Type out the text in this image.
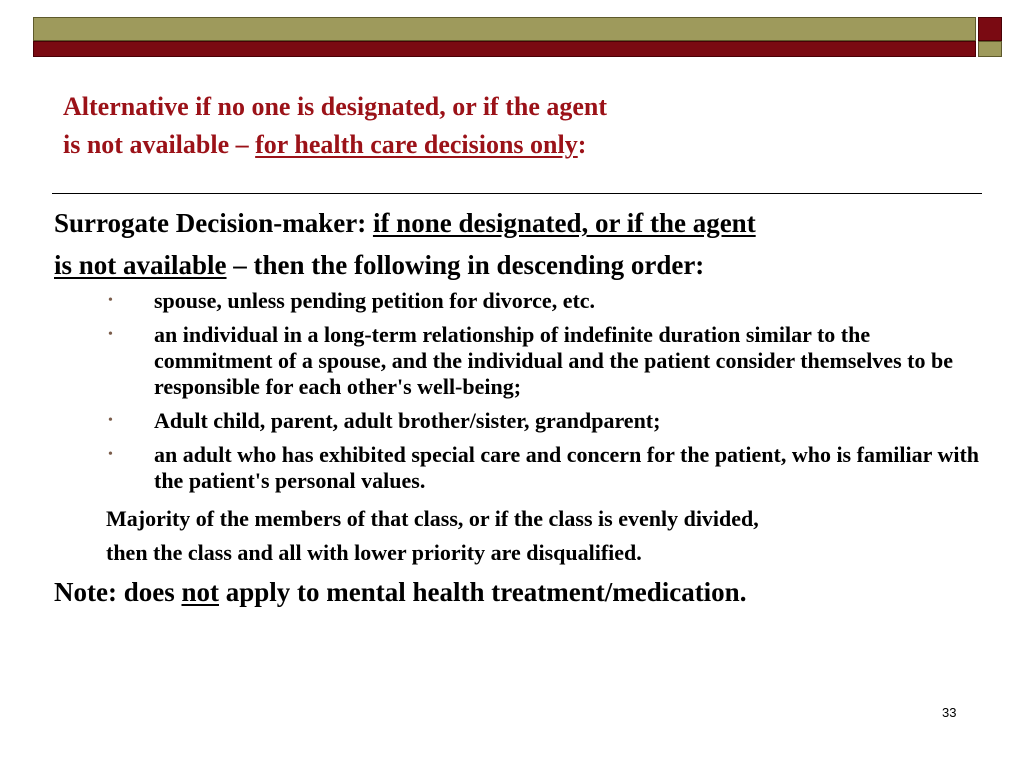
Alternative if no one is designated, or if the agent
is not available – for health care decisions only:

Surrogate Decision-maker: if none designated, or if the agent
is not available – then the following in descending order:

• spouse, unless pending petition for divorce, etc.
• an individual in a long-term relationship of indefinite duration similar to the commitment of a spouse, and the individual and the patient consider themselves to be responsible for each other's well-being;
• Adult child, parent, adult brother/sister, grandparent;
• an adult who has exhibited special care and concern for the patient, who is familiar with the patient's personal values.
Majority of the members of that class, or if the class is evenly divided,
then the class and all with lower priority are disqualified.

Note: does not apply to mental health treatment/medication.

33
